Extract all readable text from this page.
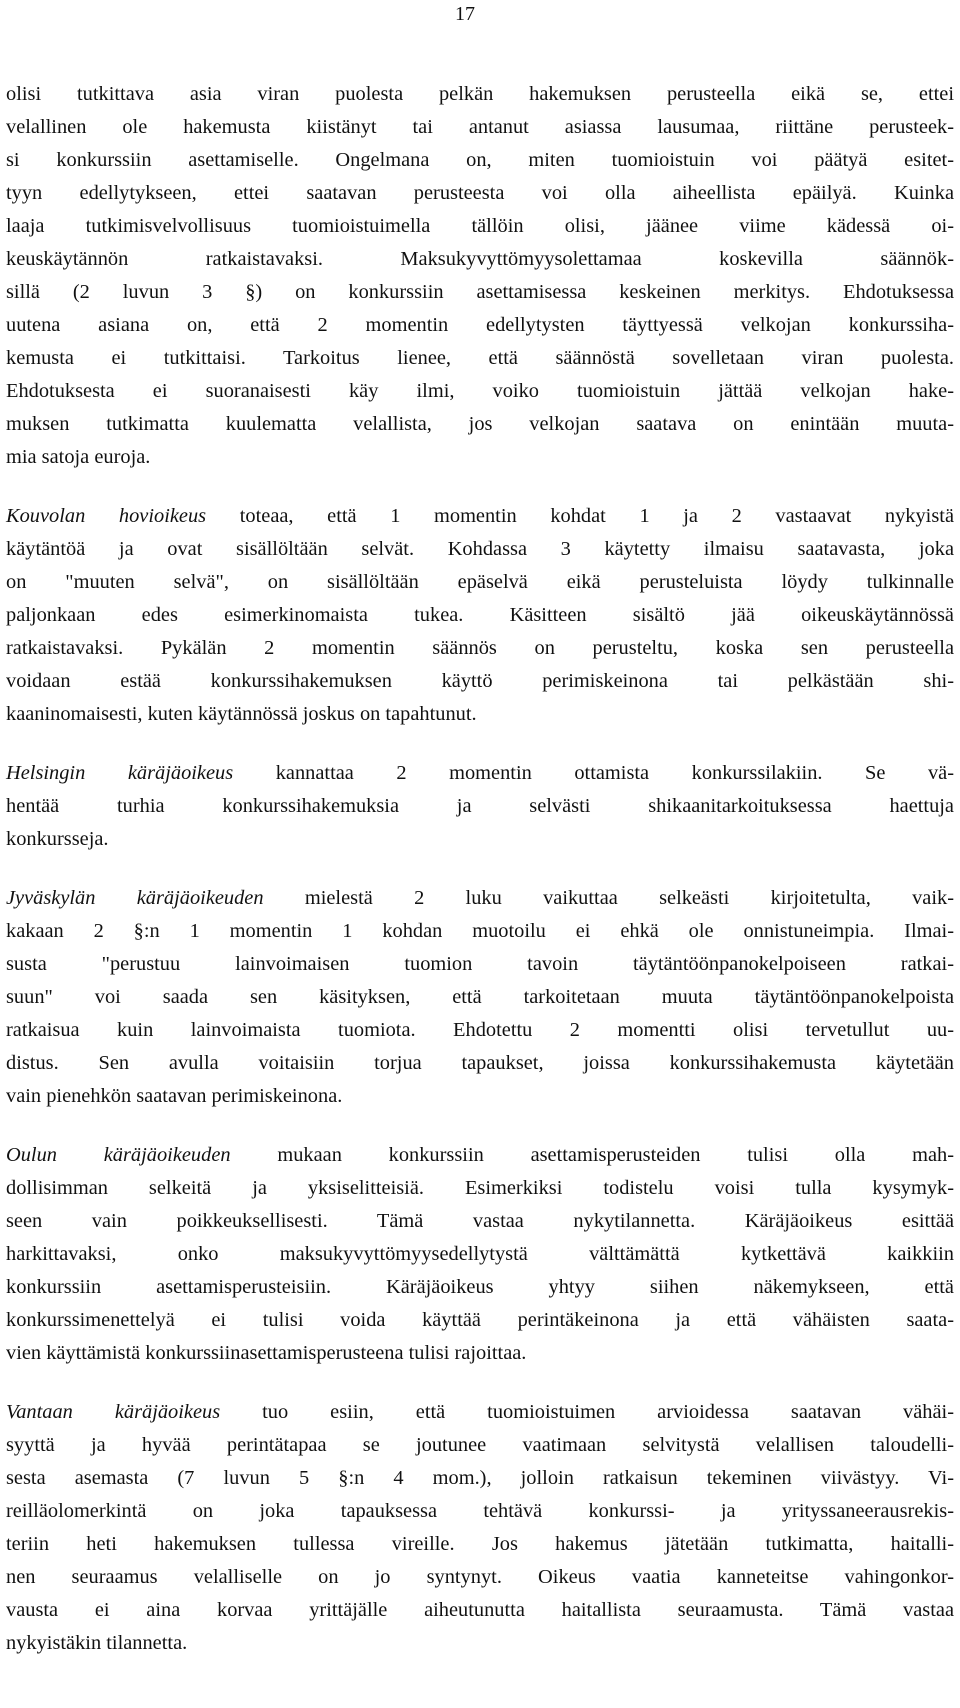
17
olisi tutkittava asia viran puolesta pelkän hakemuksen perusteella eikä se, ettei
velallinen ole hakemusta kiistänyt tai antanut asiassa lausumaa, riittäne perusteek-
si konkurssiin asettamiselle. Ongelmana on, miten tuomioistuin voi päätyä esitet-
tyyn edellytykseen, ettei saatavan perusteesta voi olla aiheellista epäilyä. Kuinka
laaja tutkimisvelvollisuus tuomioistuimella tällöin olisi, jäänee viime kädessä oi-
keuskäytännön ratkaistavaksi. Maksukyvyttömyysolettamaa koskevilla säännök-
sillä (2 luvun 3 §) on konkurssiin asettamisessa keskeinen merkitys. Ehdotuksessa
uutena asiana on, että 2 momentin edellytysten täyttyessä velkojan konkurssiha-
kemusta ei tutkittaisi. Tarkoitus lienee, että säännöstä sovelletaan viran puolesta.
Ehdotuksesta ei suoranaisesti käy ilmi, voiko tuomioistuin jättää velkojan hake-
muksen tutkimatta kuulematta velallista, jos velkojan saatava on enintään muuta-
mia satoja euroja.
Kouvolan hovioikeus toteaa, että 1 momentin kohdat 1 ja 2 vastaavat nykyistä
käytäntöä ja ovat sisällöltään selvät. Kohdassa 3 käytetty ilmaisu saatavasta, joka
on "muuten selvä", on sisällöltään epäselvä eikä perusteluista löydy tulkinnalle
paljonkaan edes esimerkinomaista tukea. Käsitteen sisältö jää oikeuskäytännössä
ratkaistavaksi. Pykälän 2 momentin säännös on perusteltu, koska sen perusteella
voidaan estää konkurssihakemuksen käyttö perimiskeinona tai pelkästään shi-
kaaninomaisesti, kuten käytännössä joskus on tapahtunut.
Helsingin käräjäoikeus kannattaa 2 momentin ottamista konkurssilakiin. Se vä-
hentää turhia konkurssihakemuksia ja selvästi shikaanitarkoituksessa haettuja
konkursseja.
Jyväskylän käräjäoikeuden mielestä 2 luku vaikuttaa selkeästi kirjoitetulta, vaik-
kakaan 2 §:n 1 momentin 1 kohdan muotoilu ei ehkä ole onnistuneimpia. Ilmai-
susta "perustuu lainvoimaisen tuomion tavoin täytäntöönpanokelpoiseen ratkai-
suun" voi saada sen käsityksen, että tarkoitetaan muuta täytäntöönpanokelpoista
ratkaisua kuin lainvoimaista tuomiota. Ehdotettu 2 momentti olisi tervetullut uu-
distus. Sen avulla voitaisiin torjua tapaukset, joissa konkurssihakemusta käytetään
vain pienehkön saatavan perimiskeinona.
Oulun käräjäoikeuden mukaan konkurssiin asettamisperusteiden tulisi olla mah-
dollisimman selkeitä ja yksiselitteisiä. Esimerkiksi todistelu voisi tulla kysymyk-
seen vain poikkeuksellisesti. Tämä vastaa nykytilannetta. Käräjäoikeus esittää
harkittavaksi, onko maksukyvyttömyysedellytystä välttämättä kytkettävä kaikkiin
konkurssiin asettamisperusteisiin. Käräjäoikeus yhtyy siihen näkemykseen, että
konkurssimenettelyä ei tulisi voida käyttää perintäkeinona ja että vähäisten saata-
vien käyttämistä konkurssiinasettamisperusteena tulisi rajoittaa.
Vantaan käräjäoikeus tuo esiin, että tuomioistuimen arvioidessa saatavan vähäi-
syyttä ja hyvää perintätapaa se joutunee vaatimaan selvitystä velallisen taloudelli-
sesta asemasta (7 luvun 5 §:n 4 mom.), jolloin ratkaisun tekeminen viivästyy. Vi-
reilläolomerkintä on joka tapauksessa tehtävä konkurssi- ja yrityssaneerausrekis-
teriin heti hakemuksen tullessa vireille. Jos hakemus jätetään tutkimatta, haitalli-
nen seuraamus velalliselle on jo syntynyt. Oikeus vaatia kanneteitse vahingonkor-
vausta ei aina korvaa yrittäjälle aiheutunutta haitallista seuraamusta. Tämä vastaa
nykyistäkin tilannetta.
